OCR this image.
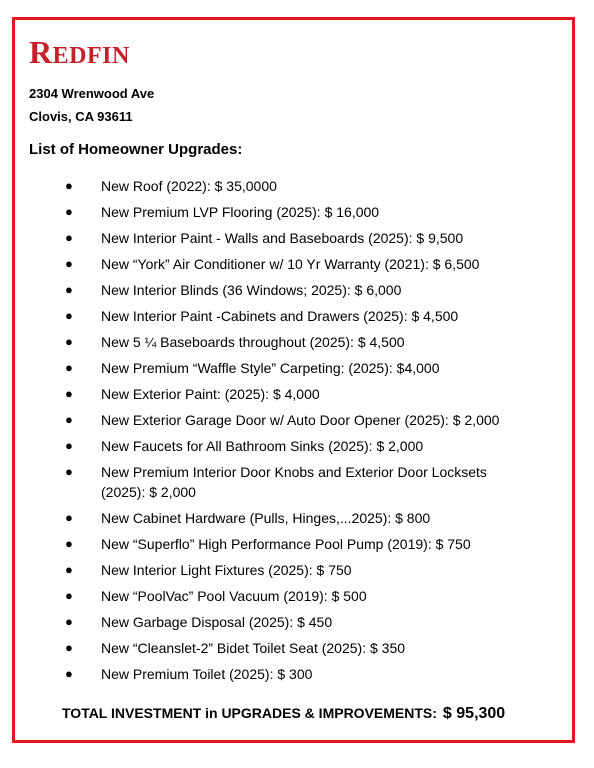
REDFIN
2304 Wrenwood Ave
Clovis, CA 93611
List of Homeowner Upgrades:
● New Roof (2022): $ 35,0000
● New Premium LVP Flooring (2025): $ 16,000
● New Interior Paint - Walls and Baseboards (2025): $ 9,500
● New “York” Air Conditioner w/ 10 Yr Warranty (2021): $ 6,500
● New Interior Blinds (36 Windows; 2025): $ 6,000
● New Interior Paint -Cabinets and Drawers (2025): $ 4,500
● New 5 ¼ Baseboards throughout (2025): $ 4,500
● New Premium “Waffle Style” Carpeting: (2025): $4,000
● New Exterior Paint: (2025): $ 4,000
● New Exterior Garage Door w/ Auto Door Opener (2025): $ 2,000
● New Faucets for All Bathroom Sinks (2025): $ 2,000
● New Premium Interior Door Knobs and Exterior Door Locksets (2025): $ 2,000
● New Cabinet Hardware (Pulls, Hinges,...2025): $ 800
● New “Superflo” High Performance Pool Pump (2019): $ 750
● New Interior Light Fixtures (2025): $ 750
● New “PoolVac” Pool Vacuum (2019): $ 500
● New Garbage Disposal (2025): $ 450
● New “Cleanslet-2” Bidet Toilet Seat (2025): $ 350
● New Premium Toilet (2025): $ 300
TOTAL INVESTMENT in UPGRADES & IMPROVEMENTS: $ 95,300
